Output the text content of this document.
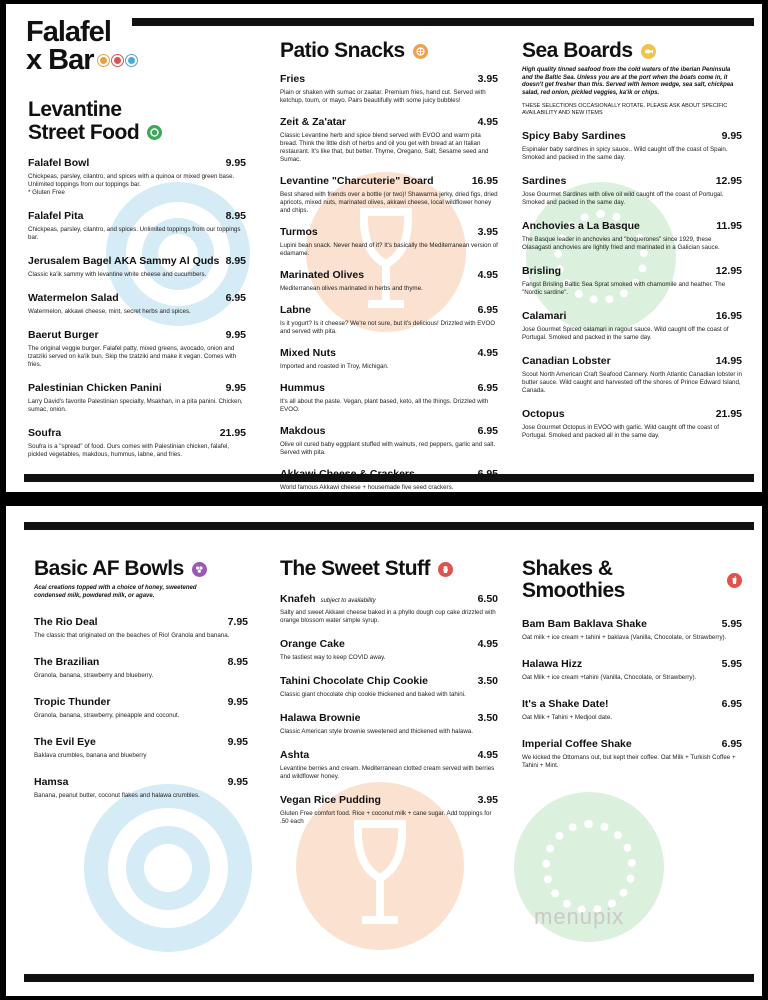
Falafel
x Bar
Levantine
Street Food
Falafel Bowl	9.95
Chickpeas, parsley, cilantro, and spices with a quinoa or mixed green base. Unlimited toppings from our toppings bar.
* Gluten Free
Falafel Pita	8.95
Chickpeas, parsley, cilantro, and spices. Unlimited toppings from our toppings bar.
Jerusalem Bagel AKA Sammy Al Quds 8.95
Classic ka'ik sammy with levantine white cheese and cucumbers.
Watermelon Salad	6.95
Watermelon, akkawi cheese, mint, secret herbs and spices.
Baerut Burger	9.95
The original veggie burger. Falafel patty, mixed greens, avocado, onion and tzatziki served on ka'ik bun. Skip the tzatziki and make it vegan. Comes with fries.
Palestinian Chicken Panini	9.95
Larry David's favorite Palestinian specialty, Msakhan, in a pita panini. Chicken, sumac, onion.
Soufra	21.95
Soufra is a "spread" of food. Ours comes with Palestinian chicken, falafel, pickled vegetables, makdous, hummus, labne, and fries.
Patio Snacks
Fries	3.95
Plain or shaken with sumac or zaatar. Premium fries, hand cut. Served with ketchup, toum, or mayo. Pairs beautifully with some juicy bubbles!
Zeit & Za'atar	4.95
Classic Levantine herb and spice blend served with EVOO and warm pita bread. Think the little dish of herbs and oil you get with bread at an Italian restaurant. It's like that, but better. Thyme, Oregano, Salt, Sesame seed and Sumac.
Levantine "Charcuterie" Board	16.95
Best shared with friends over a bottle (or two)! Shawarma jerky, dried figs, dried apricots, mixed nuts, marinated olives, akkawi cheese, local wildflower honey and chips.
Turmos	3.95
Lupini bean snack. Never heard of it? It's basically the Mediterranean version of edamame.
Marinated Olives	4.95
Mediterranean olives marinated in herbs and thyme.
Labne	6.95
Is it yogurt? Is it cheese? We're not sure, but it's delicious! Drizzled with EVOO and served with pita.
Mixed Nuts	4.95
Imported and roasted in Troy, Michigan.
Hummus	6.95
It's all about the paste. Vegan, plant based, keto, all the things. Drizzled with EVOO.
Makdous	6.95
Olive oil cured baby eggplant stuffed with walnuts, red peppers, garlic and salt. Served with pita.
Akkawi Cheese & Crackers	6.95
World famous Akkawi cheese + housemade five seed crackers.
Sea Boards
High quality tinned seafood from the cold waters of the iberian Peninsula and the Baltic Sea. Unless you are at the port when the boats come in, it doesn't get fresher than this. Served with lemon wedge, sea salt, chickpea salad, red onion, pickled veggies, ka'ik or chips.
THESE SELECTIONS OCCASIONALLY ROTATE. PLEASE ASK ABOUT SPECIFIC AVAILABILITY AND NEW ITEMS
Spicy Baby Sardines	9.95
Espinaler baby sardines in spicy sauce.. Wild caught off the coast of Spain. Smoked and packed in the same day.
Sardines	12.95
Jose Gourmet Sardines with olive oil wild caught off the coast of Portugal. Smoked and packed in the same day.
Anchovies a La Basque	11.95
The Basque leader in anchovies and "boquerones" since 1929, these Olasagasti anchovies are lightly fried and marinated in a Galician sauce.
Brisling	12.95
Fangst Brisling Baltic Sea Sprat smoked with chamomile and heather. The "Nordic sardine".
Calamari	16.95
Jose Gourmet Spiced calamari in ragout sauce. Wild caught off the coast of Portugal. Smoked and packed in the same day.
Canadian Lobster	14.95
Scout North American Craft Seafood Cannery. North Atlantic Canadian lobster in butter sauce. Wild caught and harvested off the shores of Prince Edward Island, Canada.
Octopus	21.95
Jose Gourmet Octopus in EVOO with garlic. Wild caught off the coast of Portugal. Smoked and packed all in the same day.
menupix
Basic AF Bowls
Acai creations topped with a choice of honey, sweetened condensed milk, powdered milk, or agave.
The Rio Deal	7.95
The classic that originated on the beaches of Rio! Granola and banana.
The Brazilian	8.95
Granola, banana, strawberry and blueberry.
Tropic Thunder	9.95
Granola, banana, strawberry, pineapple and coconut.
The Evil Eye	9.95
Baklava crumbles, banana and blueberry
Hamsa	9.95
Banana, peanut butter, coconut flakes and halawa crumbles.
The Sweet Stuff
Knafeh subject to availability	6.50
Salty and sweet Akkawi cheese baked in a phyllo dough cup cake drizzled with orange blossom water simple syrup.
Orange Cake	4.95
The tastiest way to keep COVID away.
Tahini Chocolate Chip Cookie	3.50
Classic giant chocolate chip cookie thickened and baked with tahini.
Halawa Brownie	3.50
Classic American style brownie sweetened and thickened with halawa.
Ashta	4.95
Levantine berries and cream. Mediterranean clotted cream served with berries and wildflower honey.
Vegan Rice Pudding	3.95
Gluten Free comfort food. Rice + coconut milk + cane sugar. Add toppings for .50 each
Shakes & Smoothies
Bam Bam Baklava Shake	5.95
Oat milk + ice cream + tahini + baklava (Vanilla, Chocolate, or Strawberry).
Halawa Hizz	5.95
Oat Milk + ice cream +tahini (Vanilla, Chocolate, or Strawberry).
It's a Shake Date!	6.95
Oat Milk + Tahini + Medjool date.
Imperial Coffee Shake	6.95
We kicked the Ottomans out, but kept their coffee. Oat Milk + Turkish Coffee + Tahini + Mint.
